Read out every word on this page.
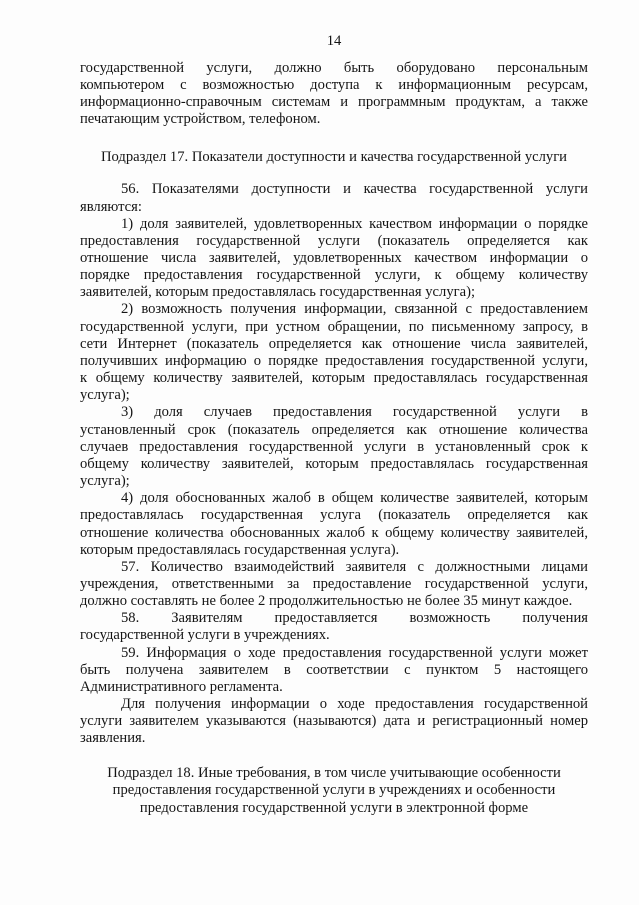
14
государственной услуги, должно быть оборудовано персональным
компьютером с возможностью доступа к информационным ресурсам,
информационно-справочным системам и программным продуктам, а также
печатающим устройством, телефоном.
Подраздел 17. Показатели доступности и качества государственной услуги
56. Показателями доступности и качества государственной услуги
являются:
1) доля заявителей, удовлетворенных качеством информации о порядке
предоставления государственной услуги (показатель определяется как
отношение числа заявителей, удовлетворенных качеством информации о
порядке предоставления государственной услуги, к общему количеству
заявителей, которым предоставлялась государственная услуга);
2) возможность получения информации, связанной с предоставлением
государственной услуги, при устном обращении, по письменному запросу, в
сети Интернет (показатель определяется как отношение числа заявителей,
получивших информацию о порядке предоставления государственной услуги,
к общему количеству заявителей, которым предоставлялась государственная
услуга);
3) доля случаев предоставления государственной услуги в
установленный срок (показатель определяется как отношение количества
случаев предоставления государственной услуги в установленный срок к
общему количеству заявителей, которым предоставлялась государственная
услуга);
4) доля обоснованных жалоб в общем количестве заявителей, которым
предоставлялась государственная услуга (показатель определяется как
отношение количества обоснованных жалоб к общему количеству заявителей,
которым предоставлялась государственная услуга).
57. Количество взаимодействий заявителя с должностными лицами
учреждения, ответственными за предоставление государственной услуги,
должно составлять не более 2 продолжительностью не более 35 минут каждое.
58. Заявителям предоставляется возможность получения
государственной услуги в учреждениях.
59. Информация о ходе предоставления государственной услуги может
быть получена заявителем в соответствии с пунктом 5 настоящего
Административного регламента.
Для получения информации о ходе предоставления государственной
услуги заявителем указываются (называются) дата и регистрационный номер
заявления.
Подраздел 18. Иные требования, в том числе учитывающие особенности
предоставления государственной услуги в учреждениях и особенности
предоставления государственной услуги в электронной форме
